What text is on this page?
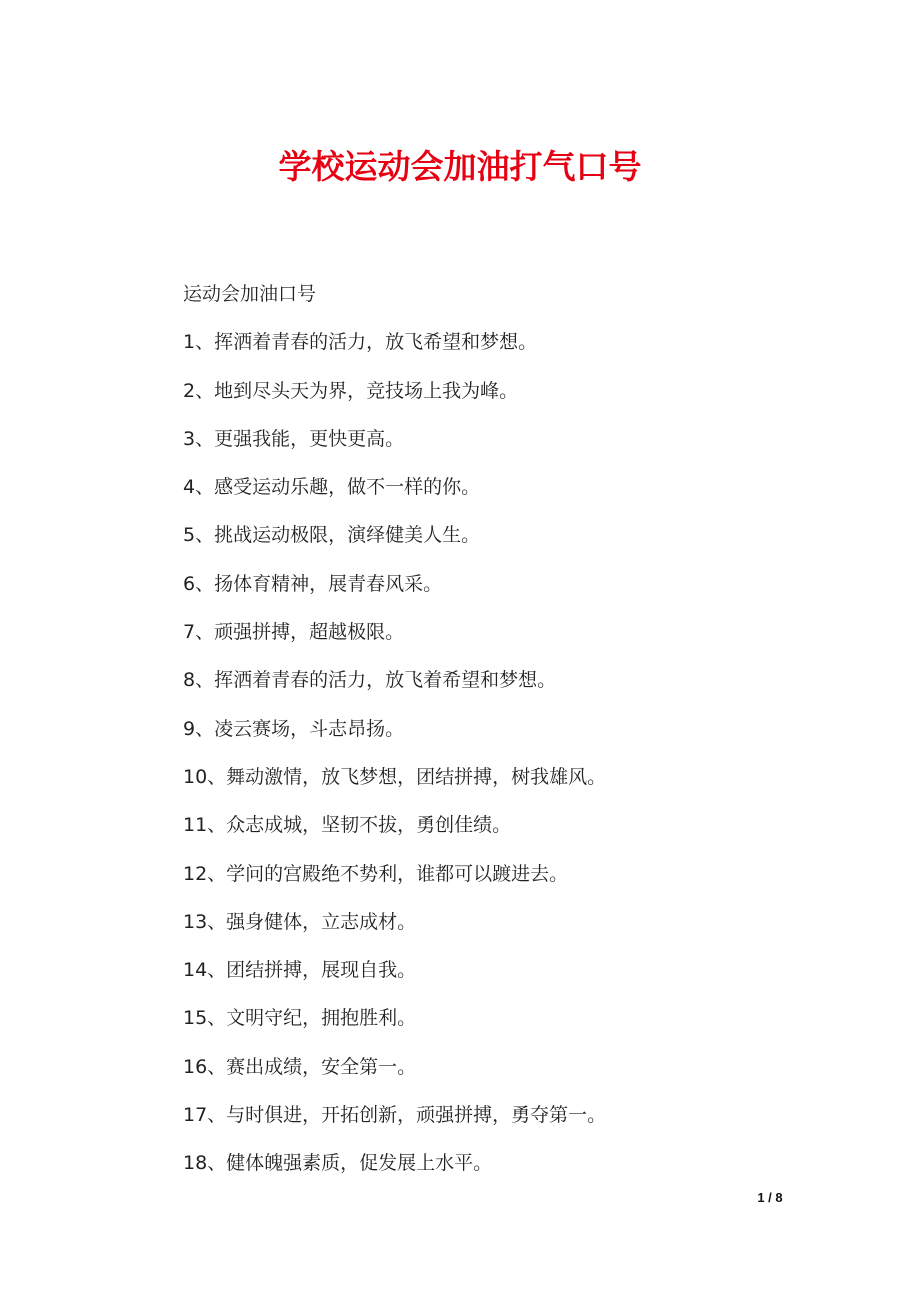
学校运动会加油打气口号

运动会加油口号

1、挥洒着青春的活力，放飞希望和梦想。

2、地到尽头天为界，竞技场上我为峰。

3、更强我能，更快更高。

4、感受运动乐趣，做不一样的你。

5、挑战运动极限，演绎健美人生。

6、扬体育精神，展青春风采。

7、顽强拼搏，超越极限。

8、挥洒着青春的活力，放飞着希望和梦想。

9、凌云赛场，斗志昂扬。

10、舞动激情，放飞梦想，团结拼搏，树我雄风。

11、众志成城，坚韧不拔，勇创佳绩。

12、学问的宫殿绝不势利，谁都可以踱进去。

13、强身健体，立志成材。

14、团结拼搏，展现自我。

15、文明守纪，拥抱胜利。

16、赛出成绩，安全第一。

17、与时俱进，开拓创新，顽强拼搏，勇夺第一。

18、健体魄强素质，促发展上水平。

1 / 8
